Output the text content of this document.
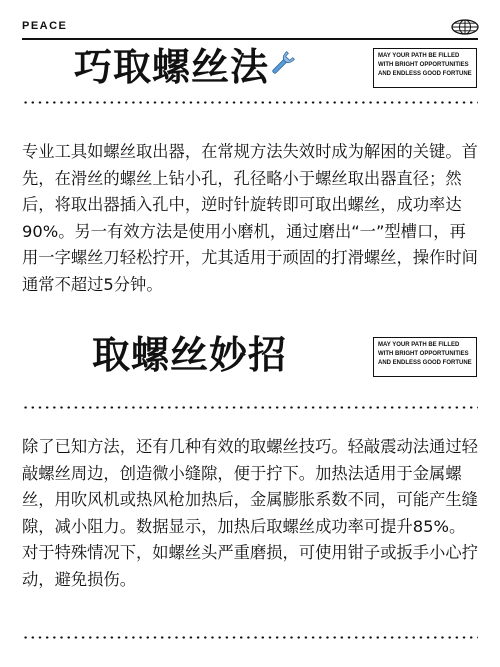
PEACE
巧取螺丝法	MAY YOUR PATH BE FILLED
WITH BRIGHT OPPORTUNITIES
AND ENDLESS GOOD FORTUNE

专业工具如螺丝取出器，在常规方法失效时成为解困的关键。首先，在滑丝的螺丝上钻小孔，孔径略小于螺丝取出器直径；然后，将取出器插入孔中，逆时针旋转即可取出螺丝，成功率达90%。另一有效方法是使用小磨机，通过磨出“一”型槽口，再用一字螺丝刀轻松拧开，尤其适用于顽固的打滑螺丝，操作时间通常不超过5分钟。

取螺丝妙招	MAY YOUR PATH BE FILLED
WITH BRIGHT OPPORTUNITIES
AND ENDLESS GOOD FORTUNE

除了已知方法，还有几种有效的取螺丝技巧。轻敲震动法通过轻敲螺丝周边，创造微小缝隙，便于拧下。加热法适用于金属螺丝，用吹风机或热风枪加热后，金属膨胀系数不同，可能产生缝隙，减小阻力。数据显示，加热后取螺丝成功率可提升85%。对于特殊情况下，如螺丝头严重磨损，可使用钳子或扳手小心拧动，避免损伤。
